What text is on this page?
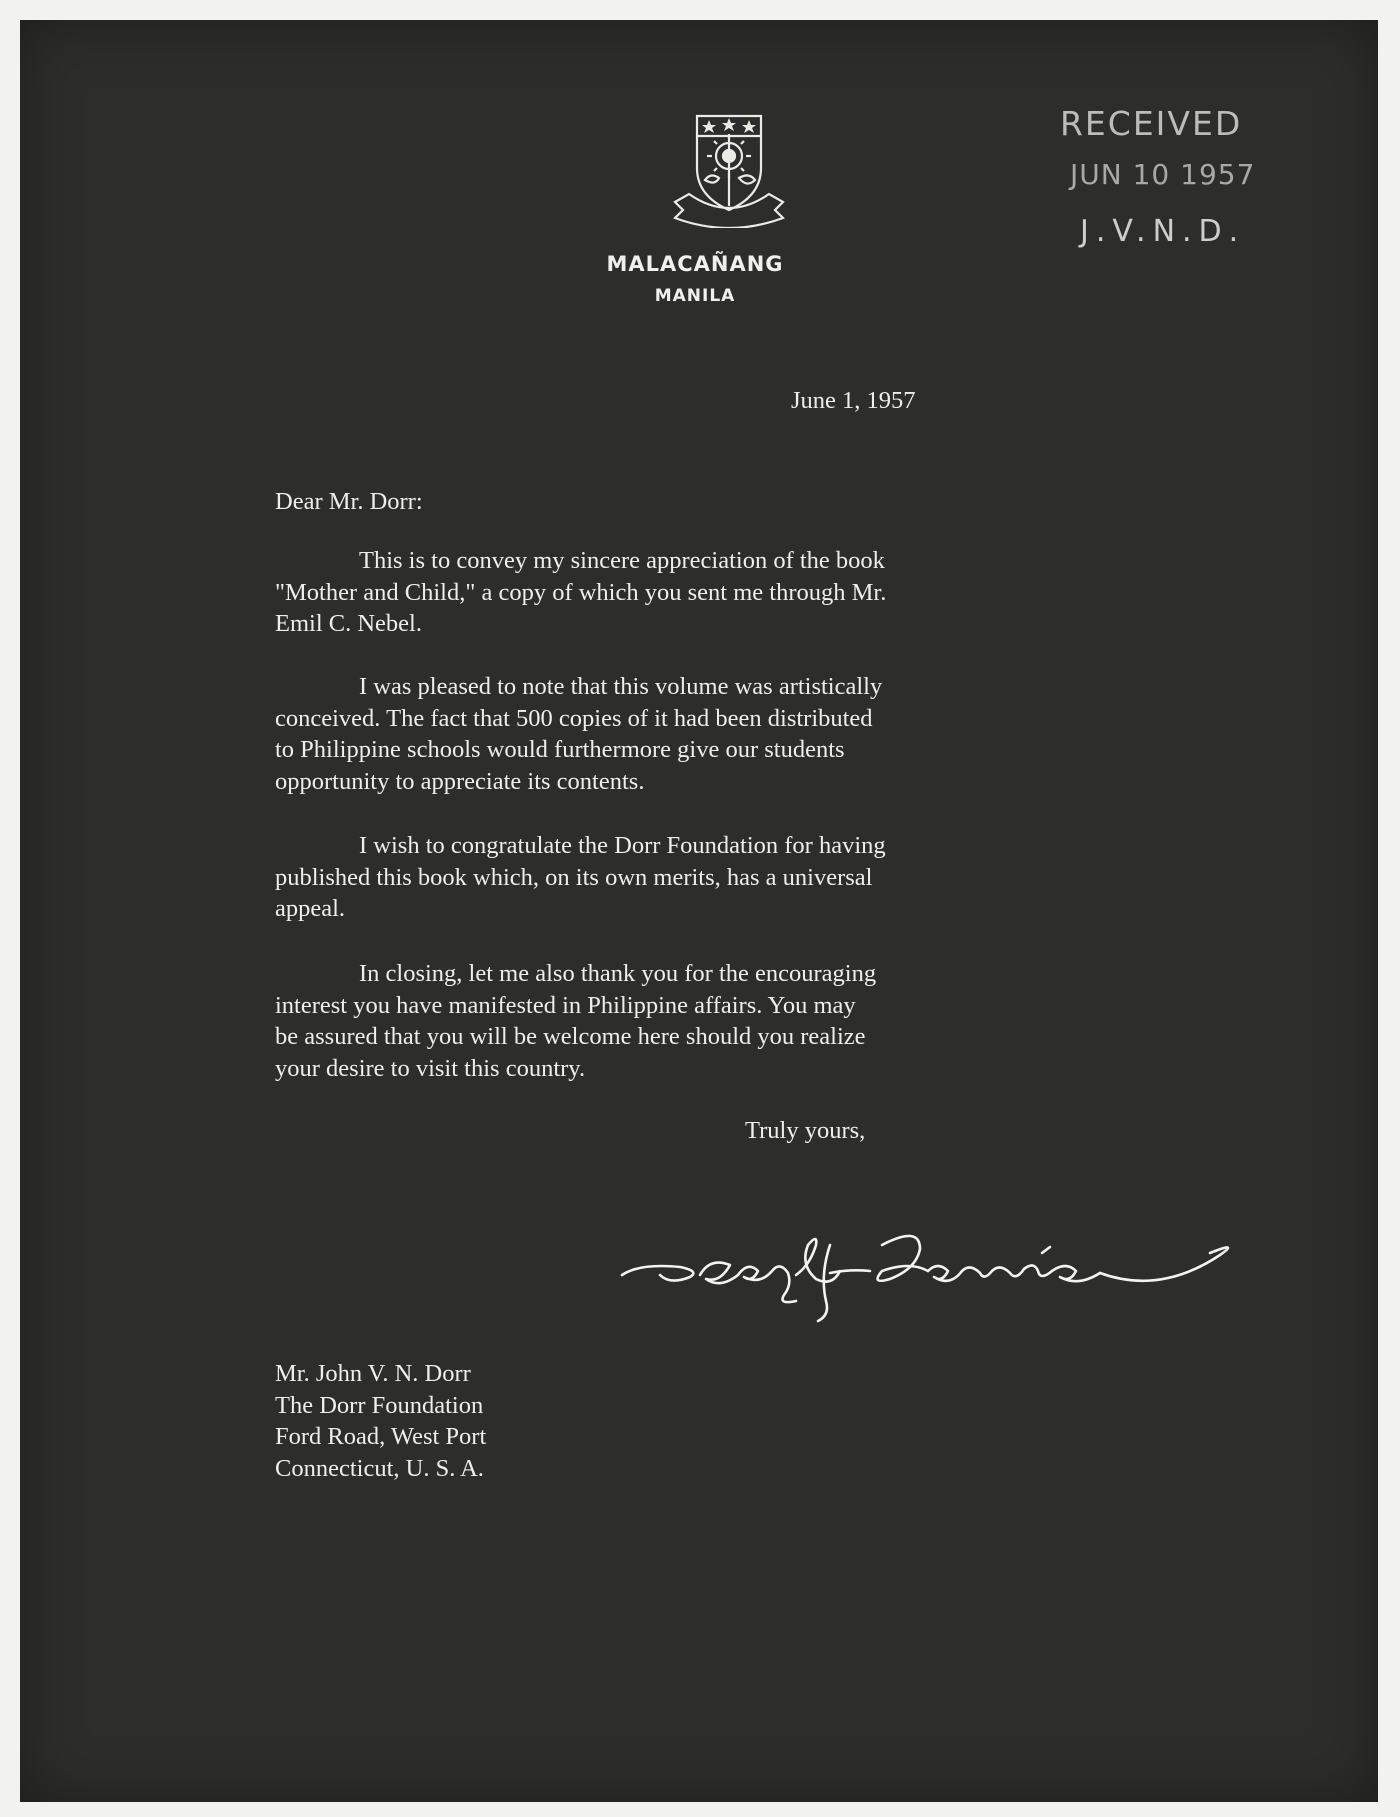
MALACAÑANG
MANILA
RECEIVED
JUN 10 1957
J.V.N.D.
June 1, 1957
Dear Mr. Dorr:
This is to convey my sincere appreciation of the book
"Mother and Child," a copy of which you sent me through Mr.
Emil C. Nebel.
I was pleased to note that this volume was artistically
conceived. The fact that 500 copies of it had been distributed
to Philippine schools would furthermore give our students
opportunity to appreciate its contents.
I wish to congratulate the Dorr Foundation for having
published this book which, on its own merits, has a universal
appeal.
In closing, let me also thank you for the encouraging
interest you have manifested in Philippine affairs. You may
be assured that you will be welcome here should you realize
your desire to visit this country.
Truly yours,
Mr. John V. N. Dorr
The Dorr Foundation
Ford Road, West Port
Connecticut, U. S. A.
